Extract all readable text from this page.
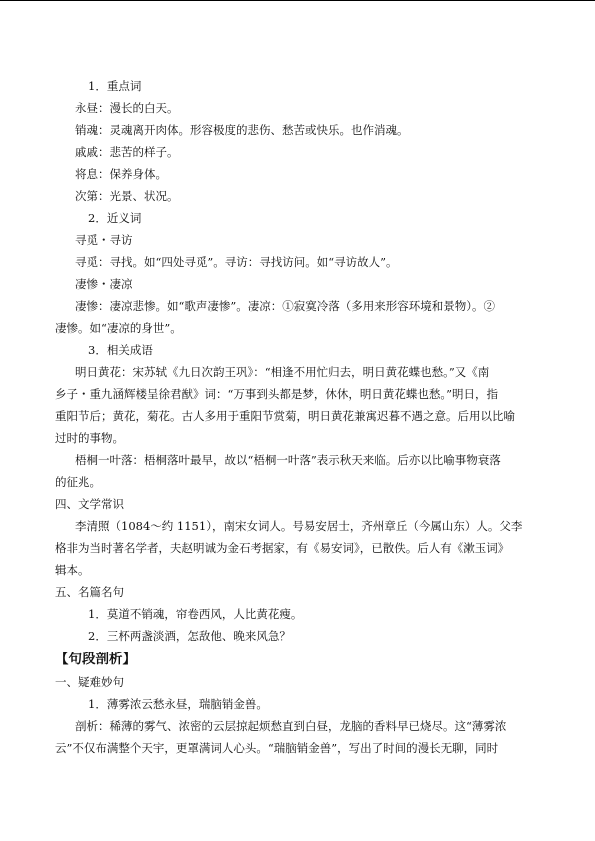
1．重点词
永昼：漫长的白天。
销魂：灵魂离开肉体。形容极度的悲伤、愁苦或快乐。也作消魂。
戚戚：悲苦的样子。
将息：保养身体。
次第：光景、状况。
2．近义词
寻觅・寻访
寻觅：寻找。如“四处寻觅”。寻访：寻找访问。如“寻访故人”。
凄惨・凄凉
凄惨：凄凉悲惨。如“歌声凄惨”。凄凉：①寂寞冷落（多用来形容环境和景物）。②
凄惨。如“凄凉的身世”。
3．相关成语
明日黄花：宋苏轼《九日次韵王巩》：“相逢不用忙归去，明日黄花蝶也愁。”又《南
乡子・重九涵辉楼呈徐君猷》词：“万事到头都是梦，休休，明日黄花蝶也愁。”明日，指
重阳节后；黄花，菊花。古人多用于重阳节赏菊，明日黄花兼寓迟暮不遇之意。后用以比喻
过时的事物。
梧桐一叶落：梧桐落叶最早，故以“梧桐一叶落”表示秋天来临。后亦以比喻事物衰落
的征兆。
四、文学常识
李清照（1084～约 1151），南宋女词人。号易安居士，齐州章丘（今属山东）人。父李
格非为当时著名学者，夫赵明诚为金石考据家，有《易安词》，已散佚。后人有《漱玉词》
辑本。
五、名篇名句
1．莫道不销魂，帘卷西风，人比黄花瘦。
2．三杯两盏淡酒，怎敌他、晚来风急？
【句段剖析】
一、疑难妙句
1．薄雾浓云愁永昼，瑞脑销金兽。
剖析：稀薄的雾气、浓密的云层掠起烦愁直到白昼，龙脑的香料早已烧尽。这“薄雾浓
云”不仅布满整个天宇，更罩满词人心头。“瑞脑销金兽”，写出了时间的漫长无聊，同时
